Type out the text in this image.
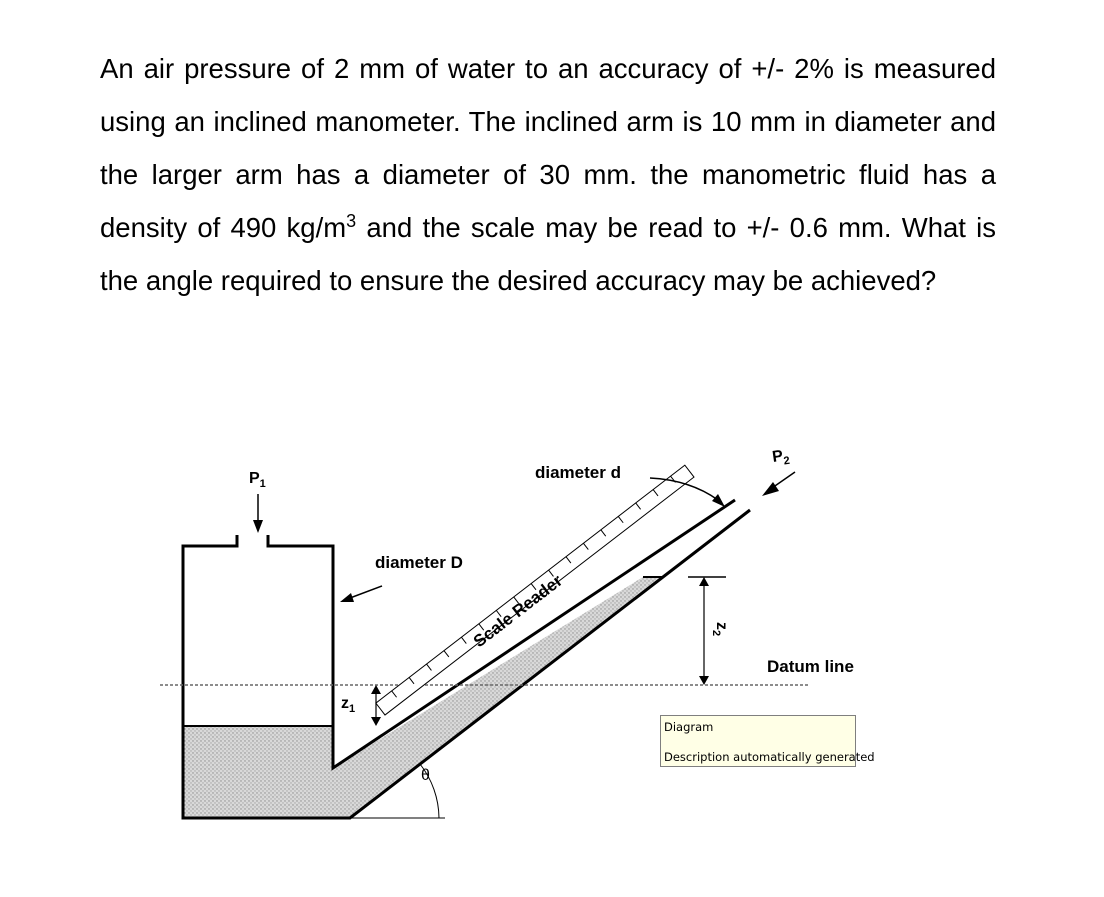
An air pressure of 2 mm of water to an accuracy of +/- 2% is measured using an inclined manometer. The inclined arm is 10 mm in diameter and the larger arm has a diameter of 30 mm. the manometric fluid has a density of 490 $kg/m^3$ and the scale may be read to +/- 0.6 mm. What is the angle required to ensure the desired accuracy may be achieved?
$P_1$
$P_2$
diameter d
diameter D
Scale Reader
$z_1$
$z_2$
θ
Datum line
Diagram
Description automatically generated
